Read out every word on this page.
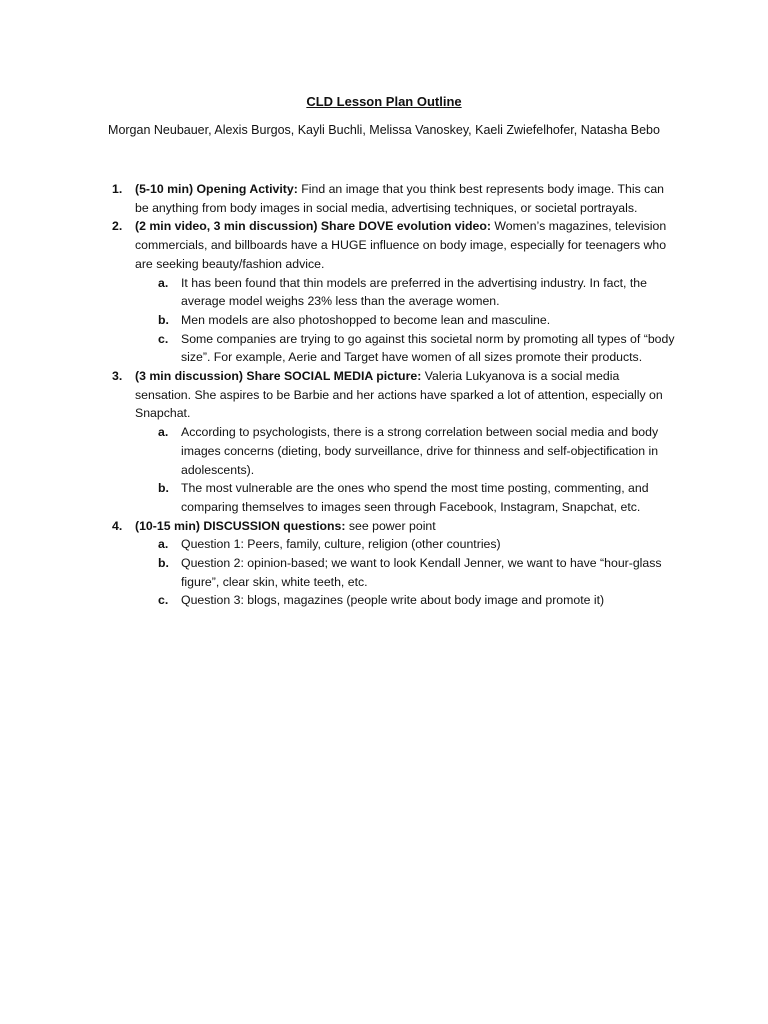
CLD Lesson Plan Outline
Morgan Neubauer, Alexis Burgos, Kayli Buchli, Melissa Vanoskey, Kaeli Zwiefelhofer, Natasha Bebo
1. (5-10 min) Opening Activity: Find an image that you think best represents body image. This can be anything from body images in social media, advertising techniques, or societal portrayals.
2. (2 min video, 3 min discussion) Share DOVE evolution video: Women’s magazines, television commercials, and billboards have a HUGE influence on body image, especially for teenagers who are seeking beauty/fashion advice.
a. It has been found that thin models are preferred in the advertising industry. In fact, the average model weighs 23% less than the average women.
b. Men models are also photoshopped to become lean and masculine.
c. Some companies are trying to go against this societal norm by promoting all types of “body size”. For example, Aerie and Target have women of all sizes promote their products.
3. (3 min discussion) Share SOCIAL MEDIA picture: Valeria Lukyanova is a social media sensation. She aspires to be Barbie and her actions have sparked a lot of attention, especially on Snapchat.
a. According to psychologists, there is a strong correlation between social media and body images concerns (dieting, body surveillance, drive for thinness and self-objectification in adolescents).
b. The most vulnerable are the ones who spend the most time posting, commenting, and comparing themselves to images seen through Facebook, Instagram, Snapchat, etc.
4. (10-15 min) DISCUSSION questions: see power point
a. Question 1: Peers, family, culture, religion (other countries)
b. Question 2: opinion-based; we want to look Kendall Jenner, we want to have “hour-glass figure”, clear skin, white teeth, etc.
c. Question 3: blogs, magazines (people write about body image and promote it)
